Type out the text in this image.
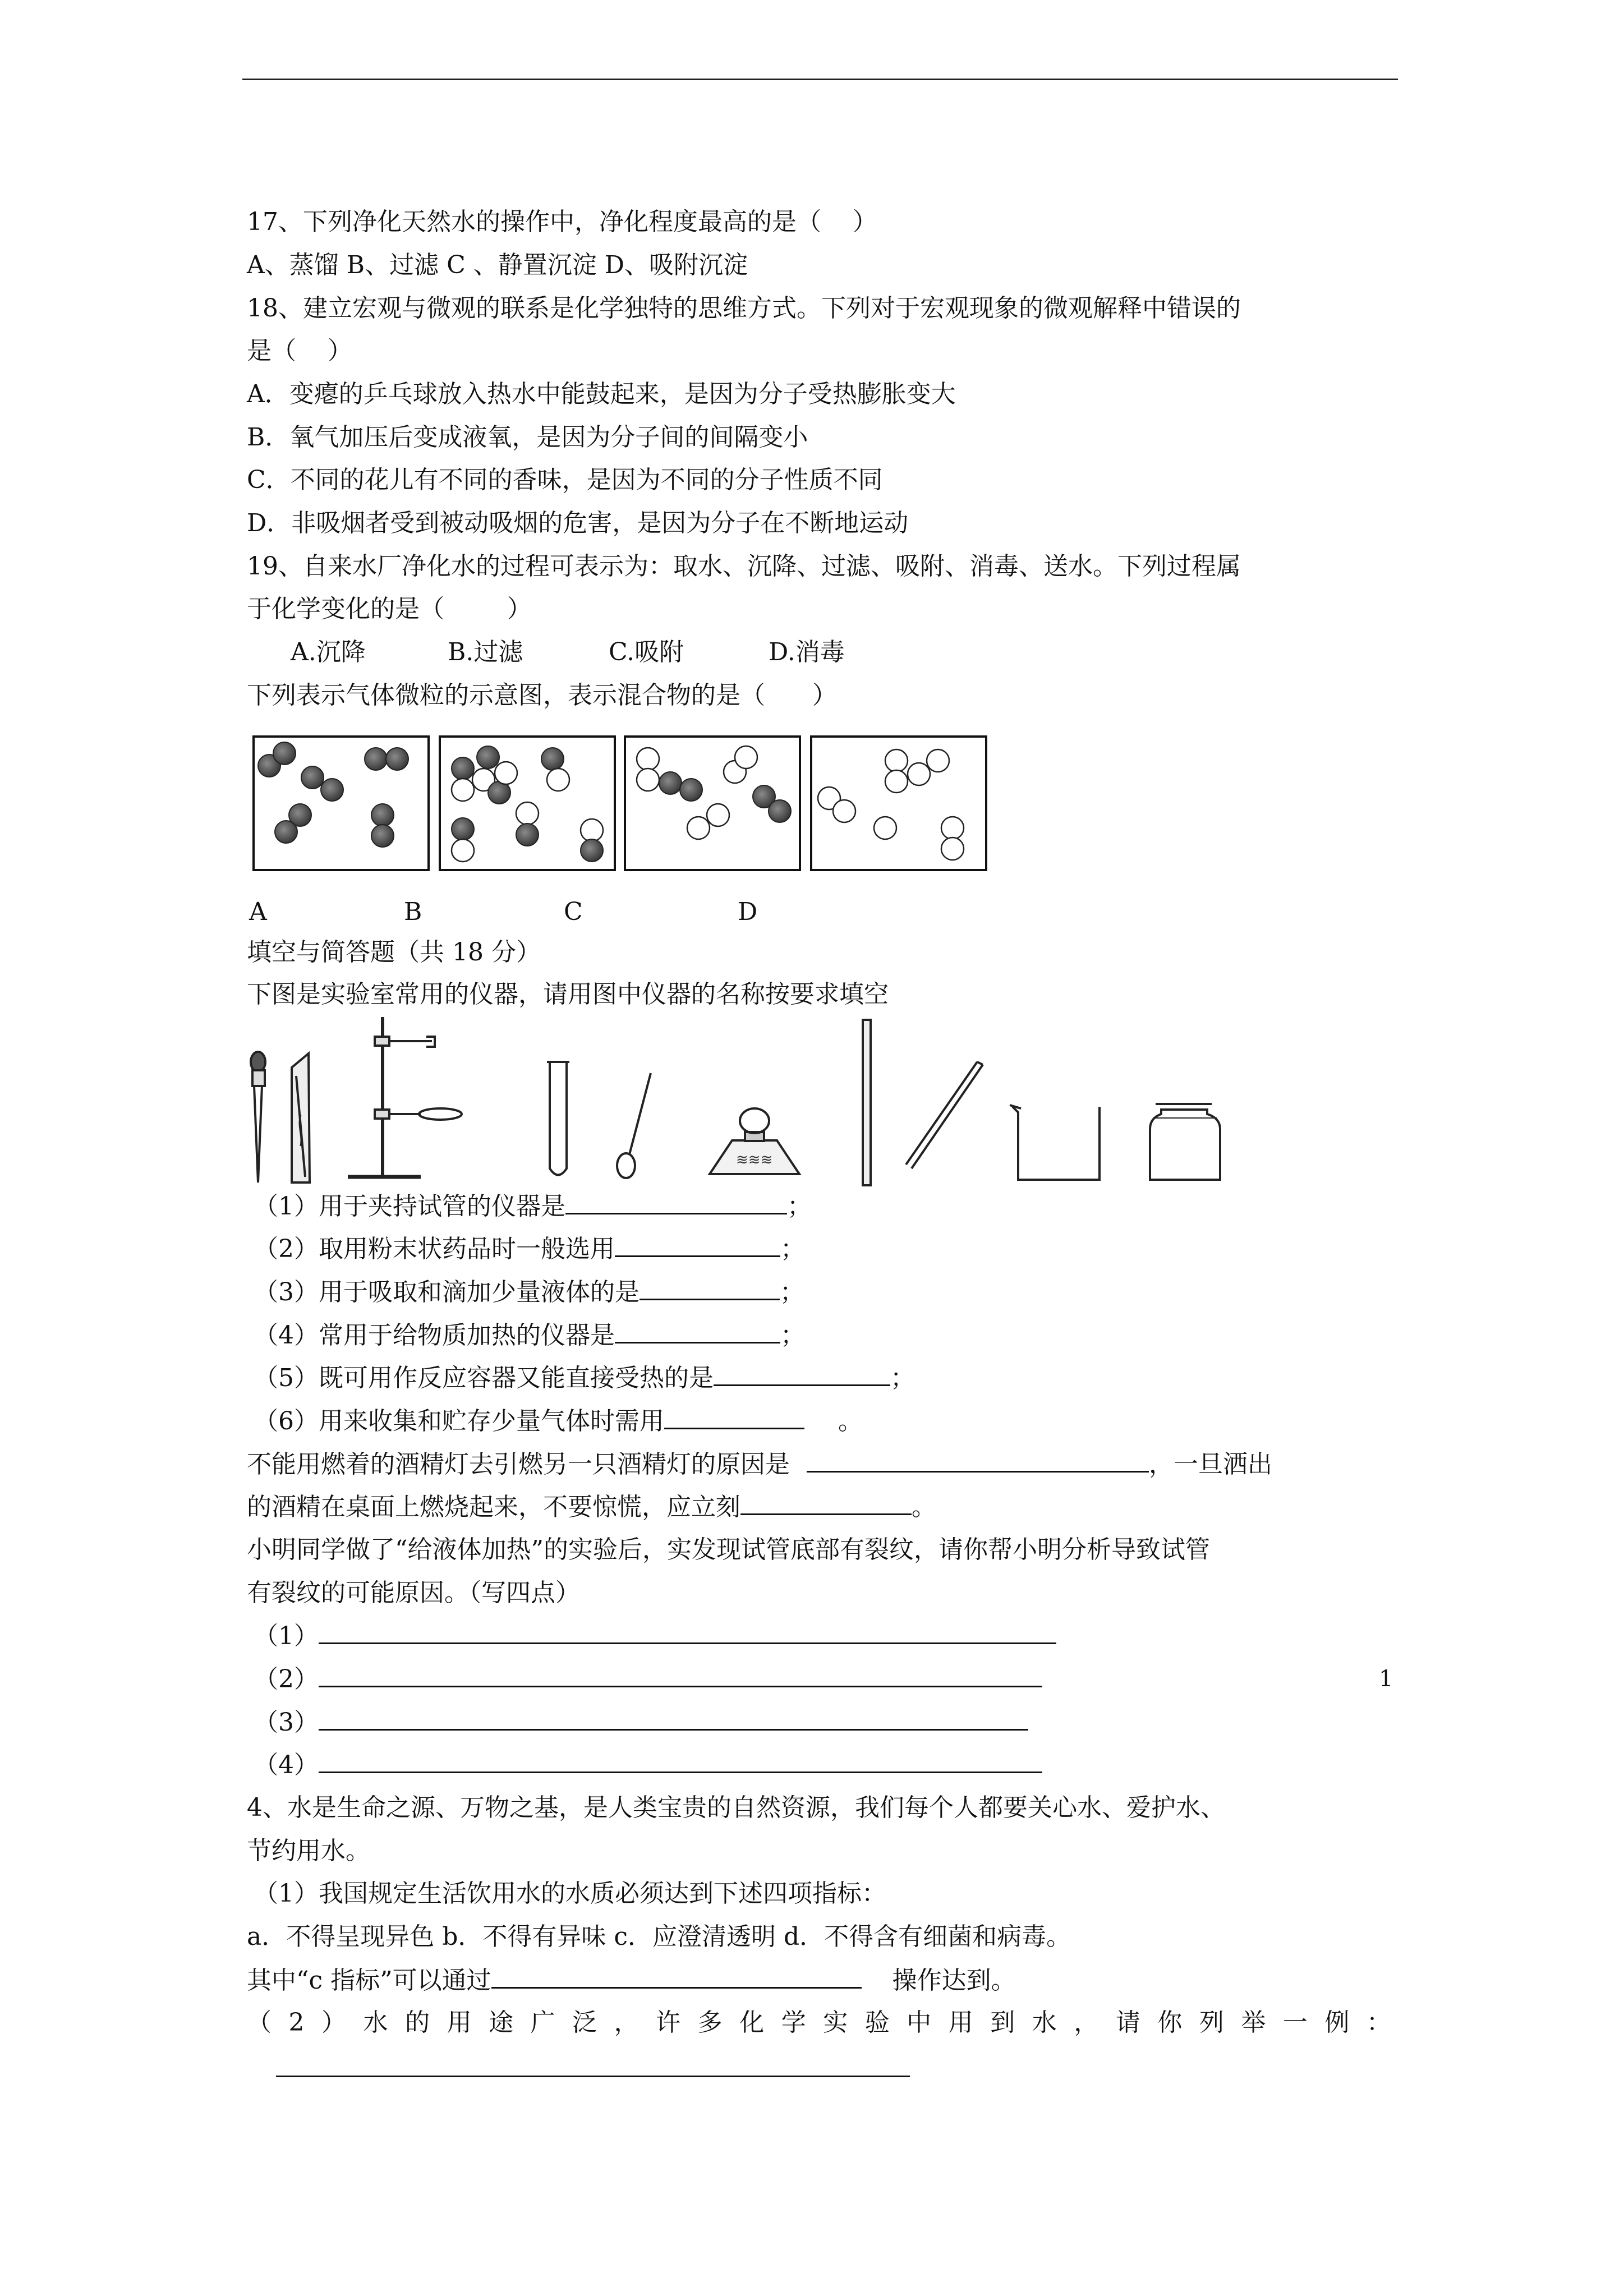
17、下列净化天然水的操作中，净化程度最高的是（    ）
A、蒸馏 B、过滤 C 、静置沉淀 D、吸附沉淀
18、建立宏观与微观的联系是化学独特的思维方式。下列对于宏观现象的微观解释中错误的
是（    ）
A．变瘪的乒乓球放入热水中能鼓起来，是因为分子受热膨胀变大
B．氧气加压后变成液氧，是因为分子间的间隔变小
C．不同的花儿有不同的香味，是因为不同的分子性质不同
D．非吸烟者受到被动吸烟的危害，是因为分子在不断地运动
19、自来水厂净化水的过程可表示为：取水、沉降、过滤、吸附、消毒、送水。下列过程属
于化学变化的是（        ）
A.沉降	B.过滤	C.吸附	D.消毒
下列表示气体微粒的示意图，表示混合物的是（      ）
A	B	C	D
填空与简答题（共 18 分）
下图是实验室常用的仪器，请用图中仪器的名称按要求填空
≋≋≋
（1）用于夹持试管的仪器是	；
（2）取用粉末状药品时一般选用	；
（3）用于吸取和滴加少量液体的是	；
（4）常用于给物质加热的仪器是	；
（5）既可用作反应容器又能直接受热的是	；
（6）用来收集和贮存少量气体时需用	。
不能用燃着的酒精灯去引燃另一只酒精灯的原因是	，一旦洒出
的酒精在桌面上燃烧起来，不要惊慌，应立刻	。
小明同学做了“给液体加热”的实验后，实发现试管底部有裂纹，请你帮小明分析导致试管
有裂纹的可能原因。（写四点）
（1）
（2）
（3）
（4）
4、水是生命之源、万物之基，是人类宝贵的自然资源，我们每个人都要关心水、爱护水、
节约用水。
（1）我国规定生活饮用水的水质必须达到下述四项指标：
a．不得呈现异色 b．不得有异味 c．应澄清透明 d．不得含有细菌和病毒。
其中“c 指标”可以通过	操作达到。
（ 2 ） 水 的 用 途 广 泛 ， 许 多 化 学 实 验 中 用 到 水 ， 请 你 列 举 一 例 ：
1
